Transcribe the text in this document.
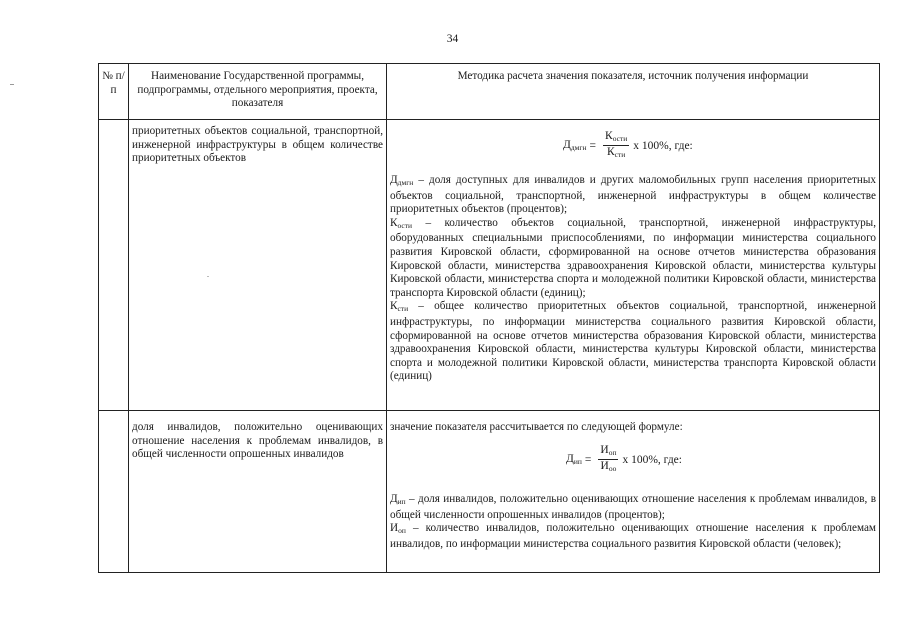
34
№ п/п
Наименование Государственной программы, подпрограммы, отдельного мероприятия, проекта, показателя
Методика расчета значения показателя, источник получения информации
приоритетных объектов социальной, транспортной, инженерной инфраструктуры в общем количестве приоритетных объектов
$Д_{дмгн} = \frac{К_{ости}}{К_{сти}}$ х 100%, где:

$Д_{дмгн}$ – доля доступных для инвалидов и других маломобильных групп населения приоритетных объектов социальной, транспортной, инженерной инфраструктуры в общем количестве приоритетных объектов (процентов);

$К_{ости}$ – количество объектов социальной, транспортной, инженерной инфраструктуры, оборудованных специальными приспособлениями, по информации министерства социального развития Кировской области, сформированной на основе отчетов министерства образования Кировской области, министерства здравоохранения Кировской области, министерства культуры Кировской области, министерства спорта и молодежной политики Кировской области, министерства транспорта Кировской области (единиц);

$К_{сти}$ – общее количество приоритетных объектов социальной, транспортной, инженерной инфраструктуры, по информации министерства социального развития Кировской области, сформированной на основе отчетов министерства образования Кировской области, министерства здравоохранения Кировской области, министерства культуры Кировской области, министерства спорта и молодежной политики Кировской области, министерства транспорта Кировской области (единиц)

доля инвалидов, положительно оценивающих отношение населения к проблемам инвалидов, в общей численности опрошенных инвалидов
значение показателя рассчитывается по следующей формуле:
$Д_{ип} = \frac{И_{оп}}{И_{оо}}$ х 100%, где:

$Д_{ип}$ – доля инвалидов, положительно оценивающих отношение населения к проблемам инвалидов, в общей численности опрошенных инвалидов (процентов);

$И_{оп}$ – количество инвалидов, положительно оценивающих отношение населения к проблемам инвалидов, по информации министерства социального развития Кировской области (человек);
